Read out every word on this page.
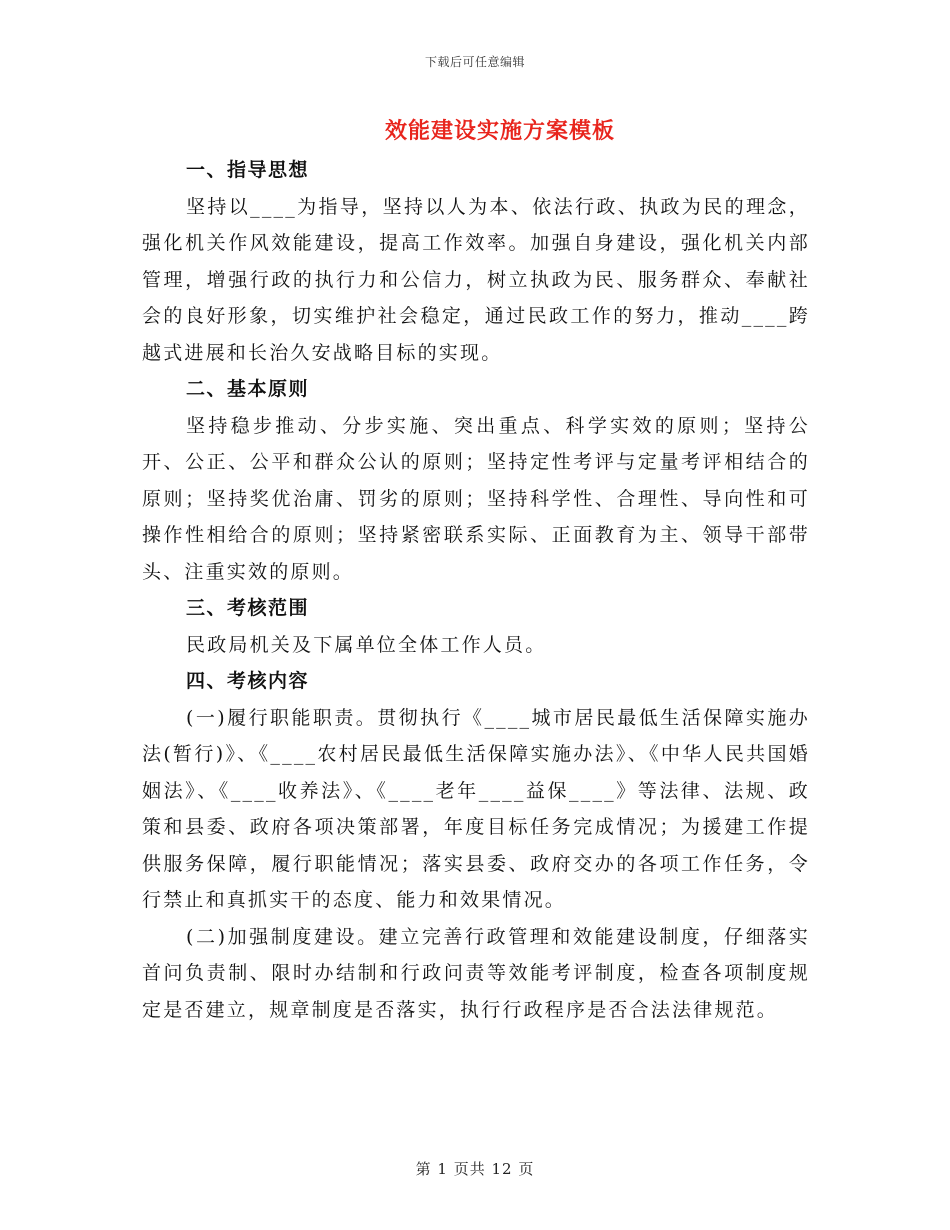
下载后可任意编辑
效能建设实施方案模板

一、指导思想

坚持以____为指导，坚持以人为本、依法行政、执政为民的理念，强化机关作风效能建设，提高工作效率。加强自身建设，强化机关内部管理，增强行政的执行力和公信力，树立执政为民、服务群众、奉献社会的良好形象，切实维护社会稳定，通过民政工作的努力，推动____跨越式进展和长治久安战略目标的实现。

二、基本原则

坚持稳步推动、分步实施、突出重点、科学实效的原则；坚持公开、公正、公平和群众公认的原则；坚持定性考评与定量考评相结合的原则；坚持奖优治庸、罚劣的原则；坚持科学性、合理性、导向性和可操作性相给合的原则；坚持紧密联系实际、正面教育为主、领导干部带头、注重实效的原则。

三、考核范围

民政局机关及下属单位全体工作人员。

四、考核内容

(一)履行职能职责。贯彻执行《____城市居民最低生活保障实施办法(暂行)》、《____农村居民最低生活保障实施办法》、《中华人民共国婚姻法》、《____收养法》、《____老年____益保____》等法律、法规、政策和县委、政府各项决策部署，年度目标任务完成情况；为援建工作提供服务保障，履行职能情况；落实县委、政府交办的各项工作任务，令行禁止和真抓实干的态度、能力和效果情况。

(二)加强制度建设。建立完善行政管理和效能建设制度，仔细落实首问负责制、限时办结制和行政问责等效能考评制度，检查各项制度规定是否建立，规章制度是否落实，执行行政程序是否合法法律规范。

第 1 页共 12 页
